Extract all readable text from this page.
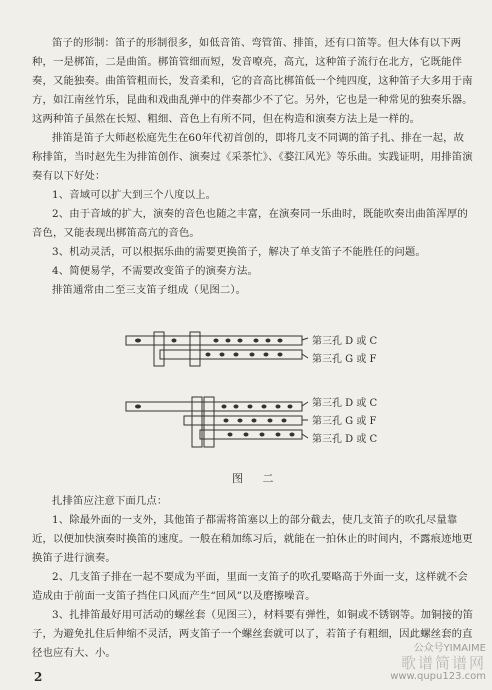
笛子的形制：笛子的形制很多，如低音笛、弯管笛、排笛，还有口笛等。但大体有以下两种，一是梆笛，二是曲笛。梆笛管细而短，发音嘹亮，高亢，这种笛子流行在北方，它既能伴奏，又能独奏。曲笛管粗而长，发音柔和，它的音高比梆笛低一个纯四度，这种笛子大多用于南方，如江南丝竹乐，昆曲和戏曲乱弹中的伴奏都少不了它。另外，它也是一种常见的独奏乐器。这两种笛子虽然在长短、粗细、音色上有所不同，但在构造和演奏方法上是一样的。

排笛是笛子大师赵松庭先生在60年代初首创的，即将几支不同调的笛子扎、排在一起，故称排笛，当时赵先生为排笛创作、演奏过《采茶忙》、《婺江风光》等乐曲。实践证明，用排笛演奏有以下好处：

1、音域可以扩大到三个八度以上。

2、由于音域的扩大，演奏的音色也随之丰富，在演奏同一乐曲时，既能吹奏出曲笛浑厚的音色，又能表现出梆笛高亢的音色。

3、机动灵活，可以根据乐曲的需要更换笛子，解决了单支笛子不能胜任的问题。

4、简便易学，不需要改变笛子的演奏方法。

排笛通常由二至三支笛子组成（见图二）。

第三孔 D 或 C
第三孔 G 或 F
第三孔 D 或 C
第三孔 G 或 F
第三孔 D 或 C
图 二

扎排笛应注意下面几点：

1、除最外面的一支外，其他笛子都需将笛塞以上的部分截去，使几支笛子的吹孔尽量靠近，以便加快演奏时换笛的速度。一般在稍加练习后，就能在一拍休止的时间内，不露痕迹地更换笛子进行演奏。

2、几支笛子排在一起不要成为平面，里面一支笛子的吹孔要略高于外面一支，这样就不会造成由于前面一支笛子挡住口风而产生“回风”以及磨擦噪音。

3、扎排笛最好用可活动的螺丝套（见图三），材料要有弹性，如铜或不锈钢等。加铜接的笛子，为避免扎住后伸缩不灵活，两支笛子一个螺丝套就可以了，若笛子有粗细，因此螺丝套的直径也应有大、小。

2
公众号YIMAIME
歌谱简谱网
www.qupu123.com
